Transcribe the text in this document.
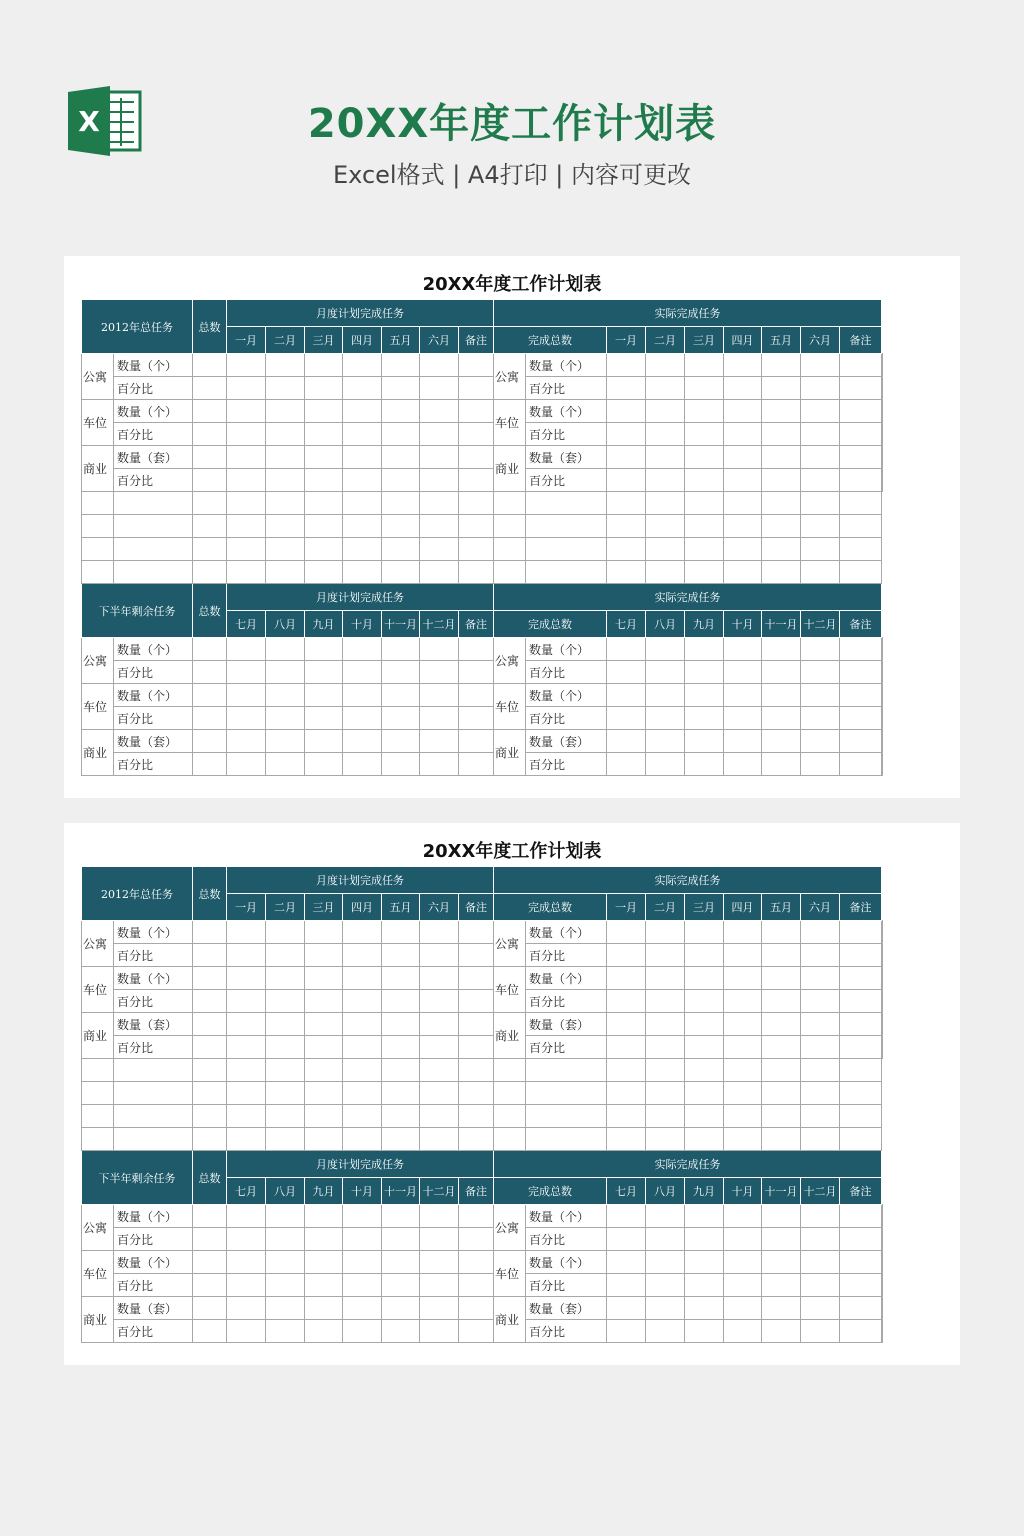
X	20XX年度工作计划表
Excel格式 | A4打印 | 内容可更改
20XX年度工作计划表
2012年总任务		总数	月度计划完成任务							实际完成任务									
			一月	二月	三月	四月	五月	六月	备注	完成总数		一月	二月	三月	四月	五月	六月	备注	
公寓	数量（个）									公寓	数量（个）								
	百分比										百分比								
车位	数量（个）									车位	数量（个）								
	百分比										百分比								
商业	数量（套）									商业	数量（套）								
	百分比										百分比								

下半年剩余任务		总数	月度计划完成任务							实际完成任务									
			七月	八月	九月	十月	十一月	十二月	备注	完成总数		七月	八月	九月	十月	十一月	十二月	备注	
公寓	数量（个）									公寓	数量（个）								
	百分比										百分比								
车位	数量（个）									车位	数量（个）								
	百分比										百分比								
商业	数量（套）									商业	数量（套）								
	百分比										百分比								
20XX年度工作计划表
2012年总任务		总数	月度计划完成任务							实际完成任务									
			一月	二月	三月	四月	五月	六月	备注	完成总数		一月	二月	三月	四月	五月	六月	备注	
公寓	数量（个）									公寓	数量（个）								
	百分比										百分比								
车位	数量（个）									车位	数量（个）								
	百分比										百分比								
商业	数量（套）									商业	数量（套）								
	百分比										百分比								

下半年剩余任务		总数	月度计划完成任务							实际完成任务									
			七月	八月	九月	十月	十一月	十二月	备注	完成总数		七月	八月	九月	十月	十一月	十二月	备注	
公寓	数量（个）									公寓	数量（个）								
	百分比										百分比								
车位	数量（个）									车位	数量（个）								
	百分比										百分比								
商业	数量（套）									商业	数量（套）								
	百分比										百分比								
